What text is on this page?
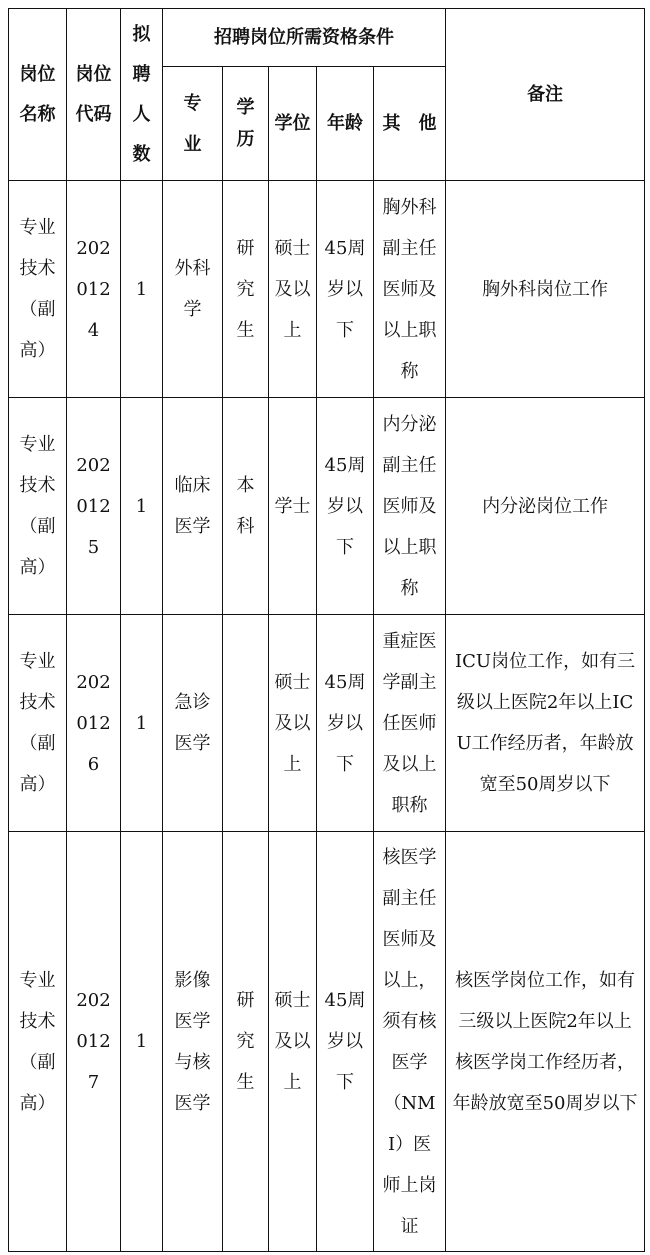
岗位名称	岗位代码	拟聘人数	招聘岗位所需资格条件					备注
			专　业	学历	学位	年龄	其　他	
专业技术（副高）	2020124	1	外科学	研究生	硕士及以上	45周岁以下	胸外科副主任医师及以上职称	胸外科岗位工作
专业技术（副高）	2020125	1	临床医学	本科	学士	45周岁以下	内分泌副主任医师及以上职称	内分泌岗位工作
专业技术（副高）	2020126	1	急诊医学		硕士及以上	45周岁以下	重症医学副主任医师及以上职称	ICU岗位工作，如有三级以上医院2年以上ICU工作经历者，年龄放宽至50周岁以下
专业技术（副高）	2020127	1	影像医学与核医学	研究生	硕士及以上	45周岁以下	核医学副主任医师及以上，须有核医学（NMI）医师上岗证	核医学岗位工作，如有三级以上医院2年以上核医学岗工作经历者，年龄放宽至50周岁以下
